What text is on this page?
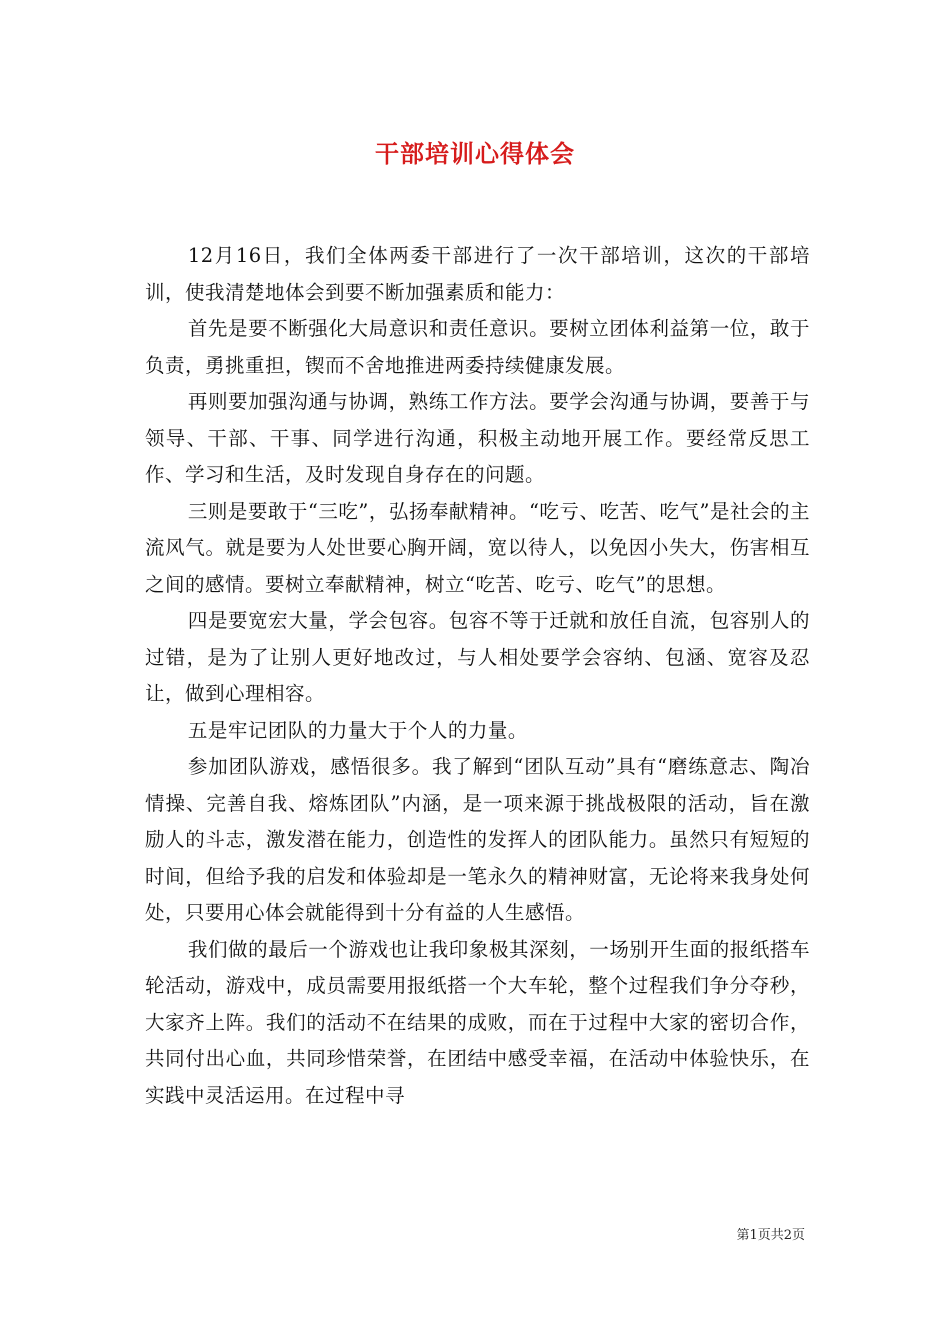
干部培训心得体会

12月16日，我们全体两委干部进行了一次干部培训，这次的干部培训，使我清楚地体会到要不断加强素质和能力：

首先是要不断强化大局意识和责任意识。要树立团体利益第一位，敢于负责，勇挑重担，锲而不舍地推进两委持续健康发展。

再则要加强沟通与协调，熟练工作方法。要学会沟通与协调，要善于与领导、干部、干事、同学进行沟通，积极主动地开展工作。要经常反思工作、学习和生活，及时发现自身存在的问题。

三则是要敢于“三吃”，弘扬奉献精神。“吃亏、吃苦、吃气”是社会的主流风气。就是要为人处世要心胸开阔，宽以待人，以免因小失大，伤害相互之间的感情。要树立奉献精神，树立“吃苦、吃亏、吃气”的思想。

四是要宽宏大量，学会包容。包容不等于迁就和放任自流，包容别人的过错，是为了让别人更好地改过，与人相处要学会容纳、包涵、宽容及忍让，做到心理相容。

五是牢记团队的力量大于个人的力量。

参加团队游戏，感悟很多。我了解到“团队互动”具有“磨练意志、陶冶情操、完善自我、熔炼团队”内涵，是一项来源于挑战极限的活动，旨在激励人的斗志，激发潜在能力，创造性的发挥人的团队能力。虽然只有短短的时间，但给予我的启发和体验却是一笔永久的精神财富，无论将来我身处何处，只要用心体会就能得到十分有益的人生感悟。

我们做的最后一个游戏也让我印象极其深刻，一场别开生面的报纸搭车轮活动，游戏中，成员需要用报纸搭一个大车轮，整个过程我们争分夺秒，大家齐上阵。我们的活动不在结果的成败，而在于过程中大家的密切合作，共同付出心血，共同珍惜荣誉，在团结中感受幸福，在活动中体验快乐，在实践中灵活运用。在过程中寻

第1页共2页
